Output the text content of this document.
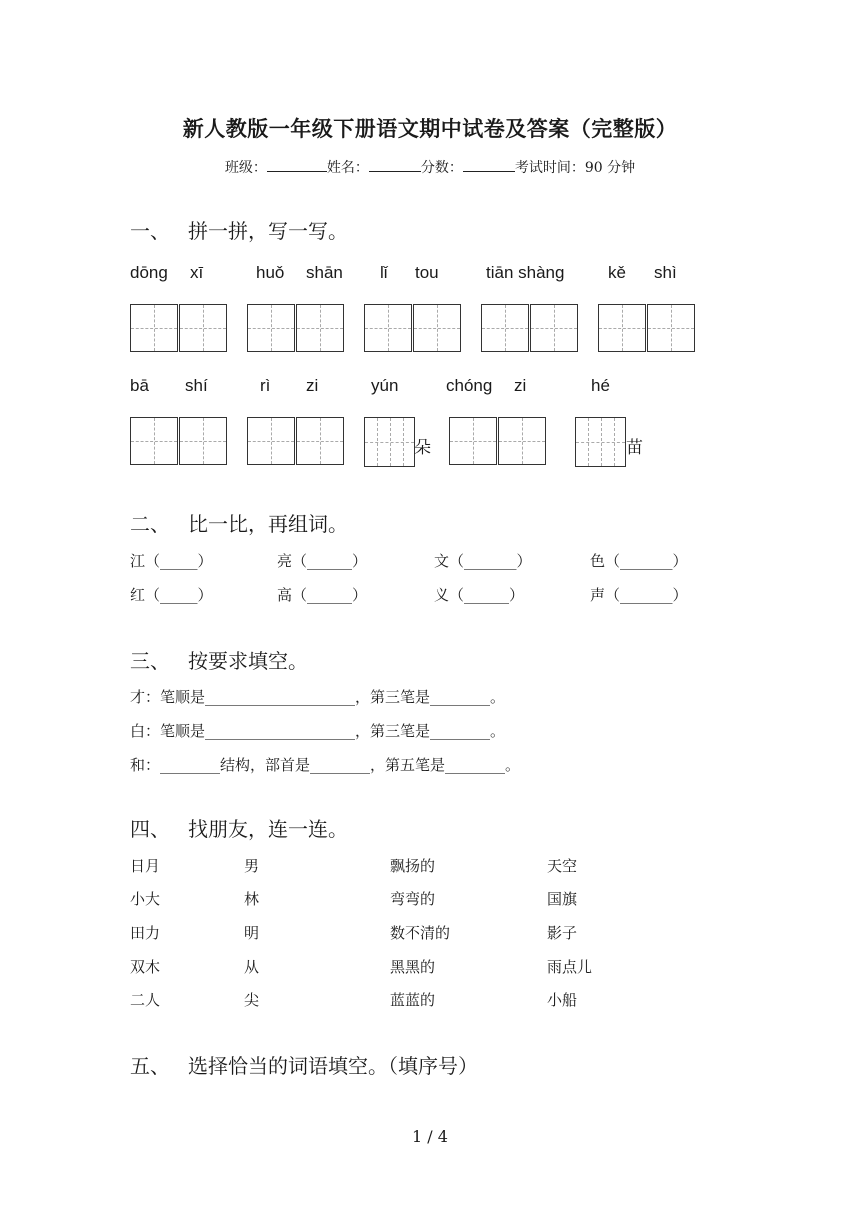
新人教版一年级下册语文期中试卷及答案（完整版）
班级：	姓名：	分数：	考试时间：90 分钟
一、 拼一拼，写一写。
dōng xī	huǒ shān lǐ tou	tiān shàng	kě shì
bā shí	rì zi	yún	chóng zi	hé
朵	苗
二、 比一比，再组词。
江（_____）	亮（______）	文（_______）	色（_______）
红（_____）	高（______）	义（______）	声（_______）
三、 按要求填空。
才：笔顺是____________________，第三笔是________。
白：笔顺是____________________，第三笔是________。
和：________结构，部首是________，第五笔是________。
四、 找朋友，连一连。
日月	男	飘扬的	天空
小大	林	弯弯的	国旗
田力	明	数不清的	影子
双木	从	黑黑的	雨点儿
二人	尖	蓝蓝的	小船
五、 选择恰当的词语填空。（填序号）
1 / 4
